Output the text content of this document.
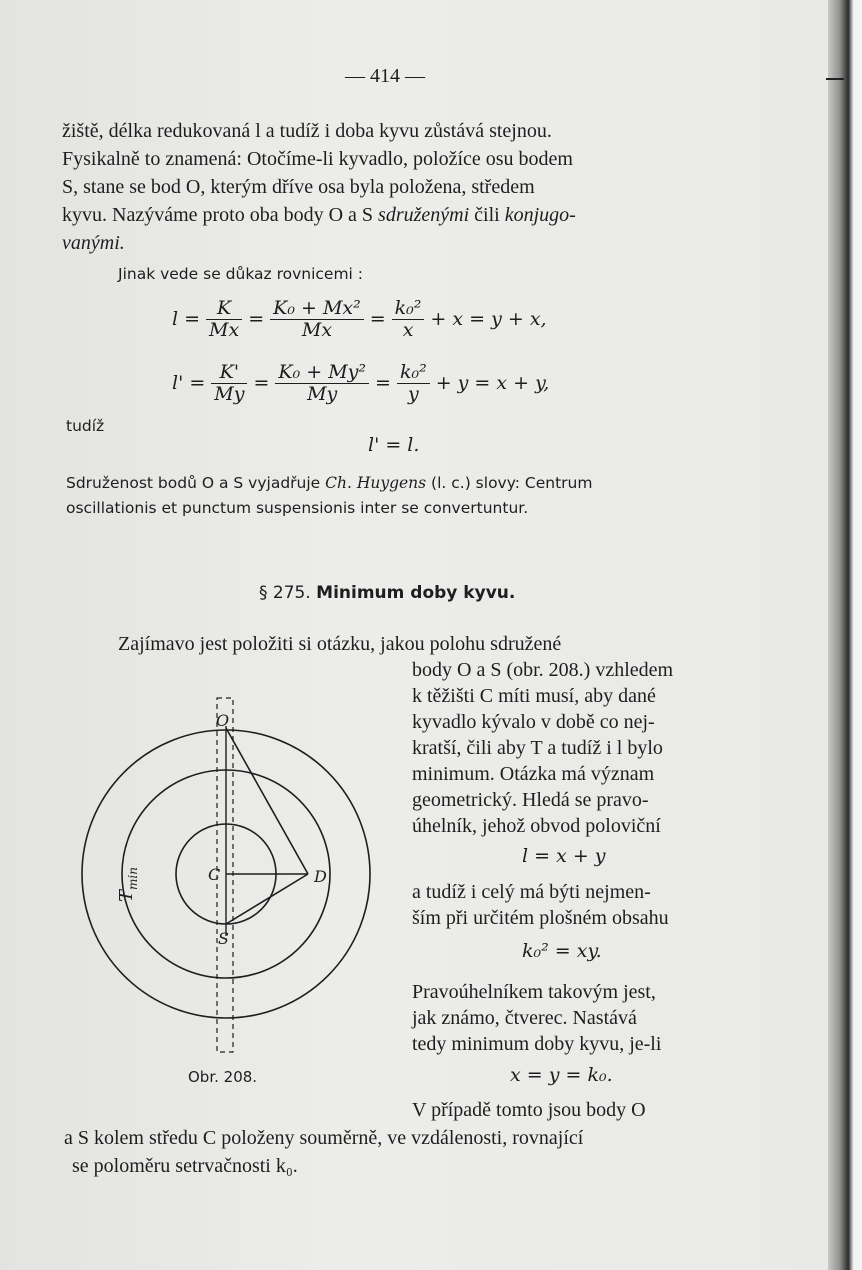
— 414 —
žiště, délka redukovaná l a tudíž i doba kyvu zůstává stejnou.
Fysikalně to znamená: Otočíme-li kyvadlo, položíce osu bodem
S, stane se bod O, kterým dříve osa byla položena, středem
kyvu. Nazýváme proto oba body O a S sdruženými čili konjugo-
vanými.
Jinak vede se důkaz rovnicemi :
$l = \frac{K}{Mx} = \frac{\text{K₀ + Mx²}}{Mx} = \frac{\text{k₀²}}{x} + x = y + x$,
$l' = \frac{K'}{My} = \frac{\text{K₀ + My²}}{My} = \frac{\text{k₀²}}{y} + y = x + y$,
tudíž
l' = l.
Sdruženost bodů O a S vyjadřuje Ch. Huygens (l. c.) slovy: Centrum
oscillationis et punctum suspensionis inter se convertuntur.
§ 275. Minimum doby kyvu.
Zajímavo jest položiti si otázku, jakou polohu sdružené
body O a S (obr. 208.) vzhledem
k těžišti C míti musí, aby dané
kyvadlo kývalo v době co nej-
kratší, čili aby T a tudíž i l bylo
minimum. Otázka má význam
geometrický. Hledá se pravo-
úhelník, jehož obvod poloviční
l = x + y
a tudíž i celý má býti nejmen-
ším při určitém plošném obsahu
k₀² = xy.
Pravoúhelníkem takovým jest,
jak známo, čtverec. Nastává
tedy minimum doby kyvu, je-li
x = y = k₀.
V případě tomto jsou body O
a S kolem středu C položeny souměrně, ve vzdálenosti, rovnající
se poloměru setrvačnosti k₀.
O
C
S
D
T
min
Obr. 208.
